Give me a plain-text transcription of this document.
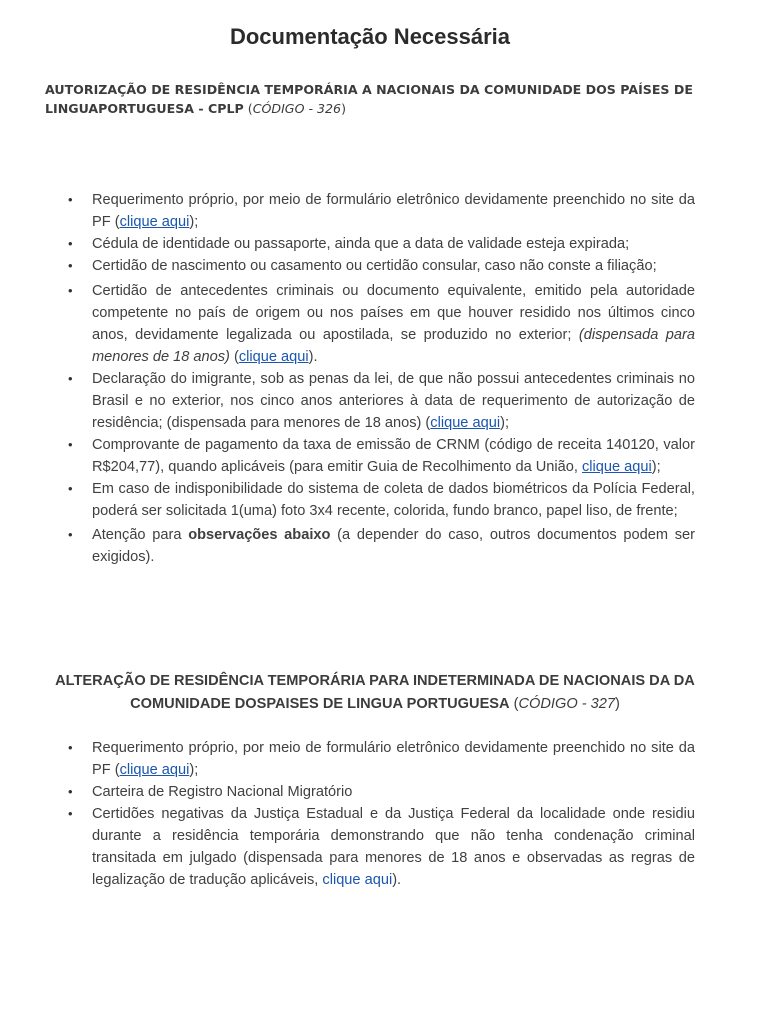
Documentação Necessária
AUTORIZAÇÃO DE RESIDÊNCIA TEMPORÁRIA A NACIONAIS DA COMUNIDADE DOS PAÍSES DE LINGUAPORTUGUESA - CPLP (CÓDIGO - 326)
• Requerimento próprio, por meio de formulário eletrônico devidamente preenchido no site da PF (clique aqui);
• Cédula de identidade ou passaporte, ainda que a data de validade esteja expirada;
• Certidão de nascimento ou casamento ou certidão consular, caso não conste a filiação;
• Certidão de antecedentes criminais ou documento equivalente, emitido pela autoridade competente no país de origem ou nos países em que houver residido nos últimos cinco anos, devidamente legalizada ou apostilada, se produzido no exterior; (dispensada para menores de 18 anos) (clique aqui).
• Declaração do imigrante, sob as penas da lei, de que não possui antecedentes criminais no Brasil e no exterior, nos cinco anos anteriores à data de requerimento de autorização de residência; (dispensada para menores de 18 anos) (clique aqui);
• Comprovante de pagamento da taxa de emissão de CRNM (código de receita 140120, valor R$204,77), quando aplicáveis (para emitir Guia de Recolhimento da União, clique aqui);
• Em caso de indisponibilidade do sistema de coleta de dados biométricos da Polícia Federal, poderá ser solicitada 1(uma) foto 3x4 recente, colorida, fundo branco, papel liso, de frente;
• Atenção para observações abaixo (a depender do caso, outros documentos podem ser exigidos).
ALTERAÇÃO DE RESIDÊNCIA TEMPORÁRIA PARA INDETERMINADA DE NACIONAIS DA DA COMUNIDADE DOSPAISES DE LINGUA PORTUGUESA (CÓDIGO - 327)
• Requerimento próprio, por meio de formulário eletrônico devidamente preenchido no site da PF (clique aqui);
• Carteira de Registro Nacional Migratório
• Certidões negativas da Justiça Estadual e da Justiça Federal da localidade onde residiu durante a residência temporária demonstrando que não tenha condenação criminal transitada em julgado (dispensada para menores de 18 anos e observadas as regras de legalização de tradução aplicáveis, clique aqui).
